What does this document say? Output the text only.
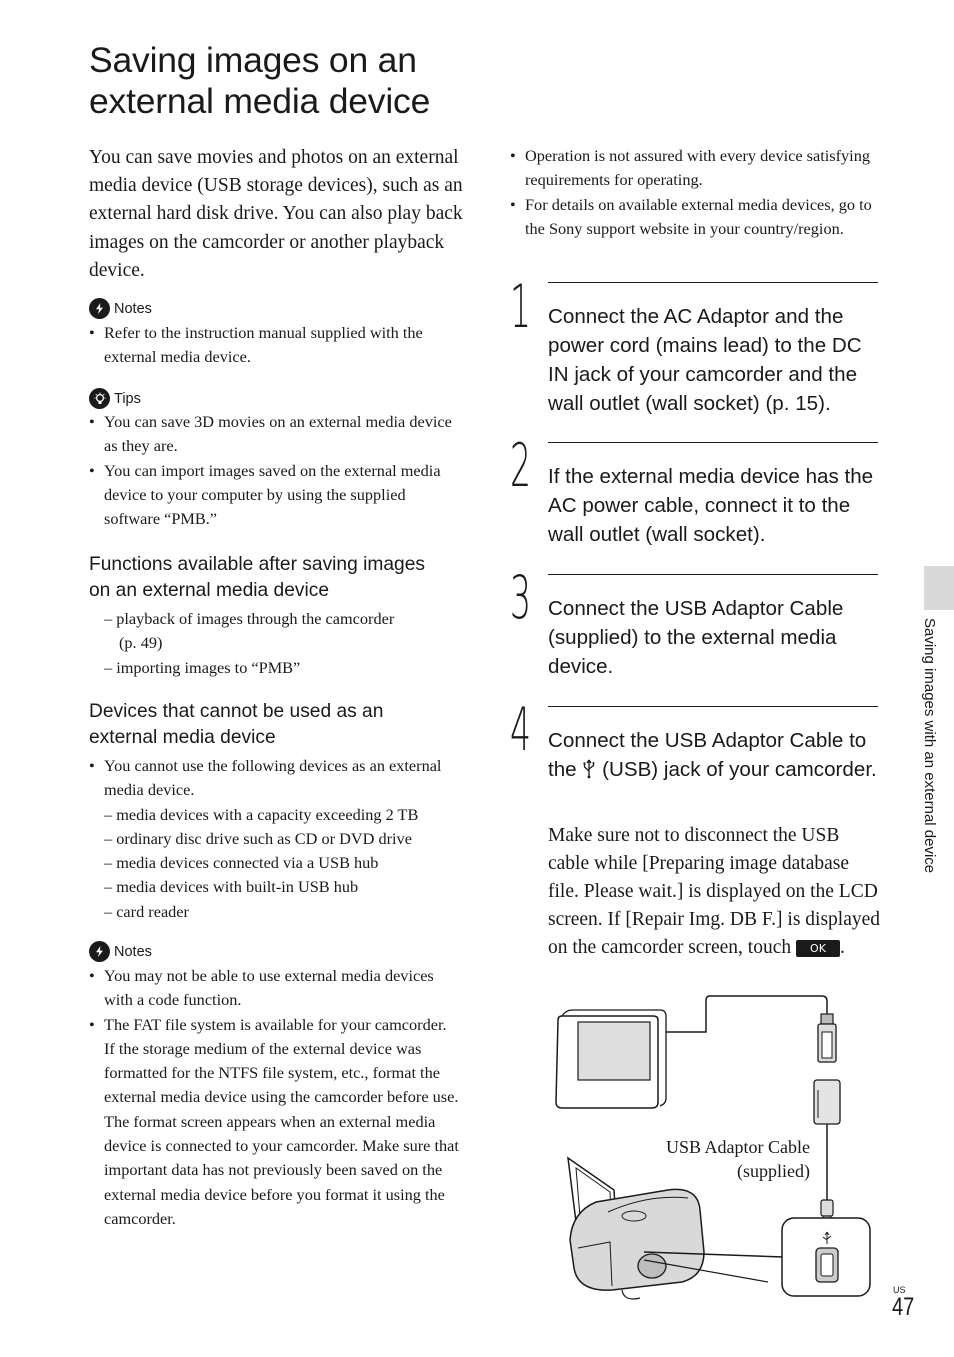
Saving images on an
external media device
You can save movies and photos on an external media device (USB storage devices), such as an external hard disk drive. You can also play back images on the camcorder or another playback device.
Notes
• Refer to the instruction manual supplied with the external media device.
Tips
• You can save 3D movies on an external media device as they are.
• You can import images saved on the external media device to your computer by using the supplied software “PMB.”
Functions available after saving images
on an external media device
– playback of images through the camcorder
(p. 49)
– importing images to “PMB”
Devices that cannot be used as an
external media device
• You cannot use the following devices as an external media device.
– media devices with a capacity exceeding 2 TB
– ordinary disc drive such as CD or DVD drive
– media devices connected via a USB hub
– media devices with built-in USB hub
– card reader
Notes
• You may not be able to use external media devices with a code function.
• The FAT file system is available for your camcorder. If the storage medium of the external device was formatted for the NTFS file system, etc., format the external media device using the camcorder before use. The format screen appears when an external media device is connected to your camcorder. Make sure that important data has not previously been saved on the external media device before you format it using the camcorder.
• Operation is not assured with every device satisfying requirements for operating.
• For details on available external media devices, go to the Sony support website in your country/region.
1 Connect the AC Adaptor and the power cord (mains lead) to the DC IN jack of your camcorder and the wall outlet (wall socket) (p. 15).
2 If the external media device has the AC power cable, connect it to the wall outlet (wall socket).
3 Connect the USB Adaptor Cable (supplied) to the external media device.
4 Connect the USB Adaptor Cable to the  (USB) jack of your camcorder.
Make sure not to disconnect the USB cable while [Preparing image database file. Please wait.] is displayed on the LCD screen. If [Repair Img. DB F.] is displayed on the camcorder screen, touch OK .
USB Adaptor Cable
(supplied)
Saving images with an external device
US
47
